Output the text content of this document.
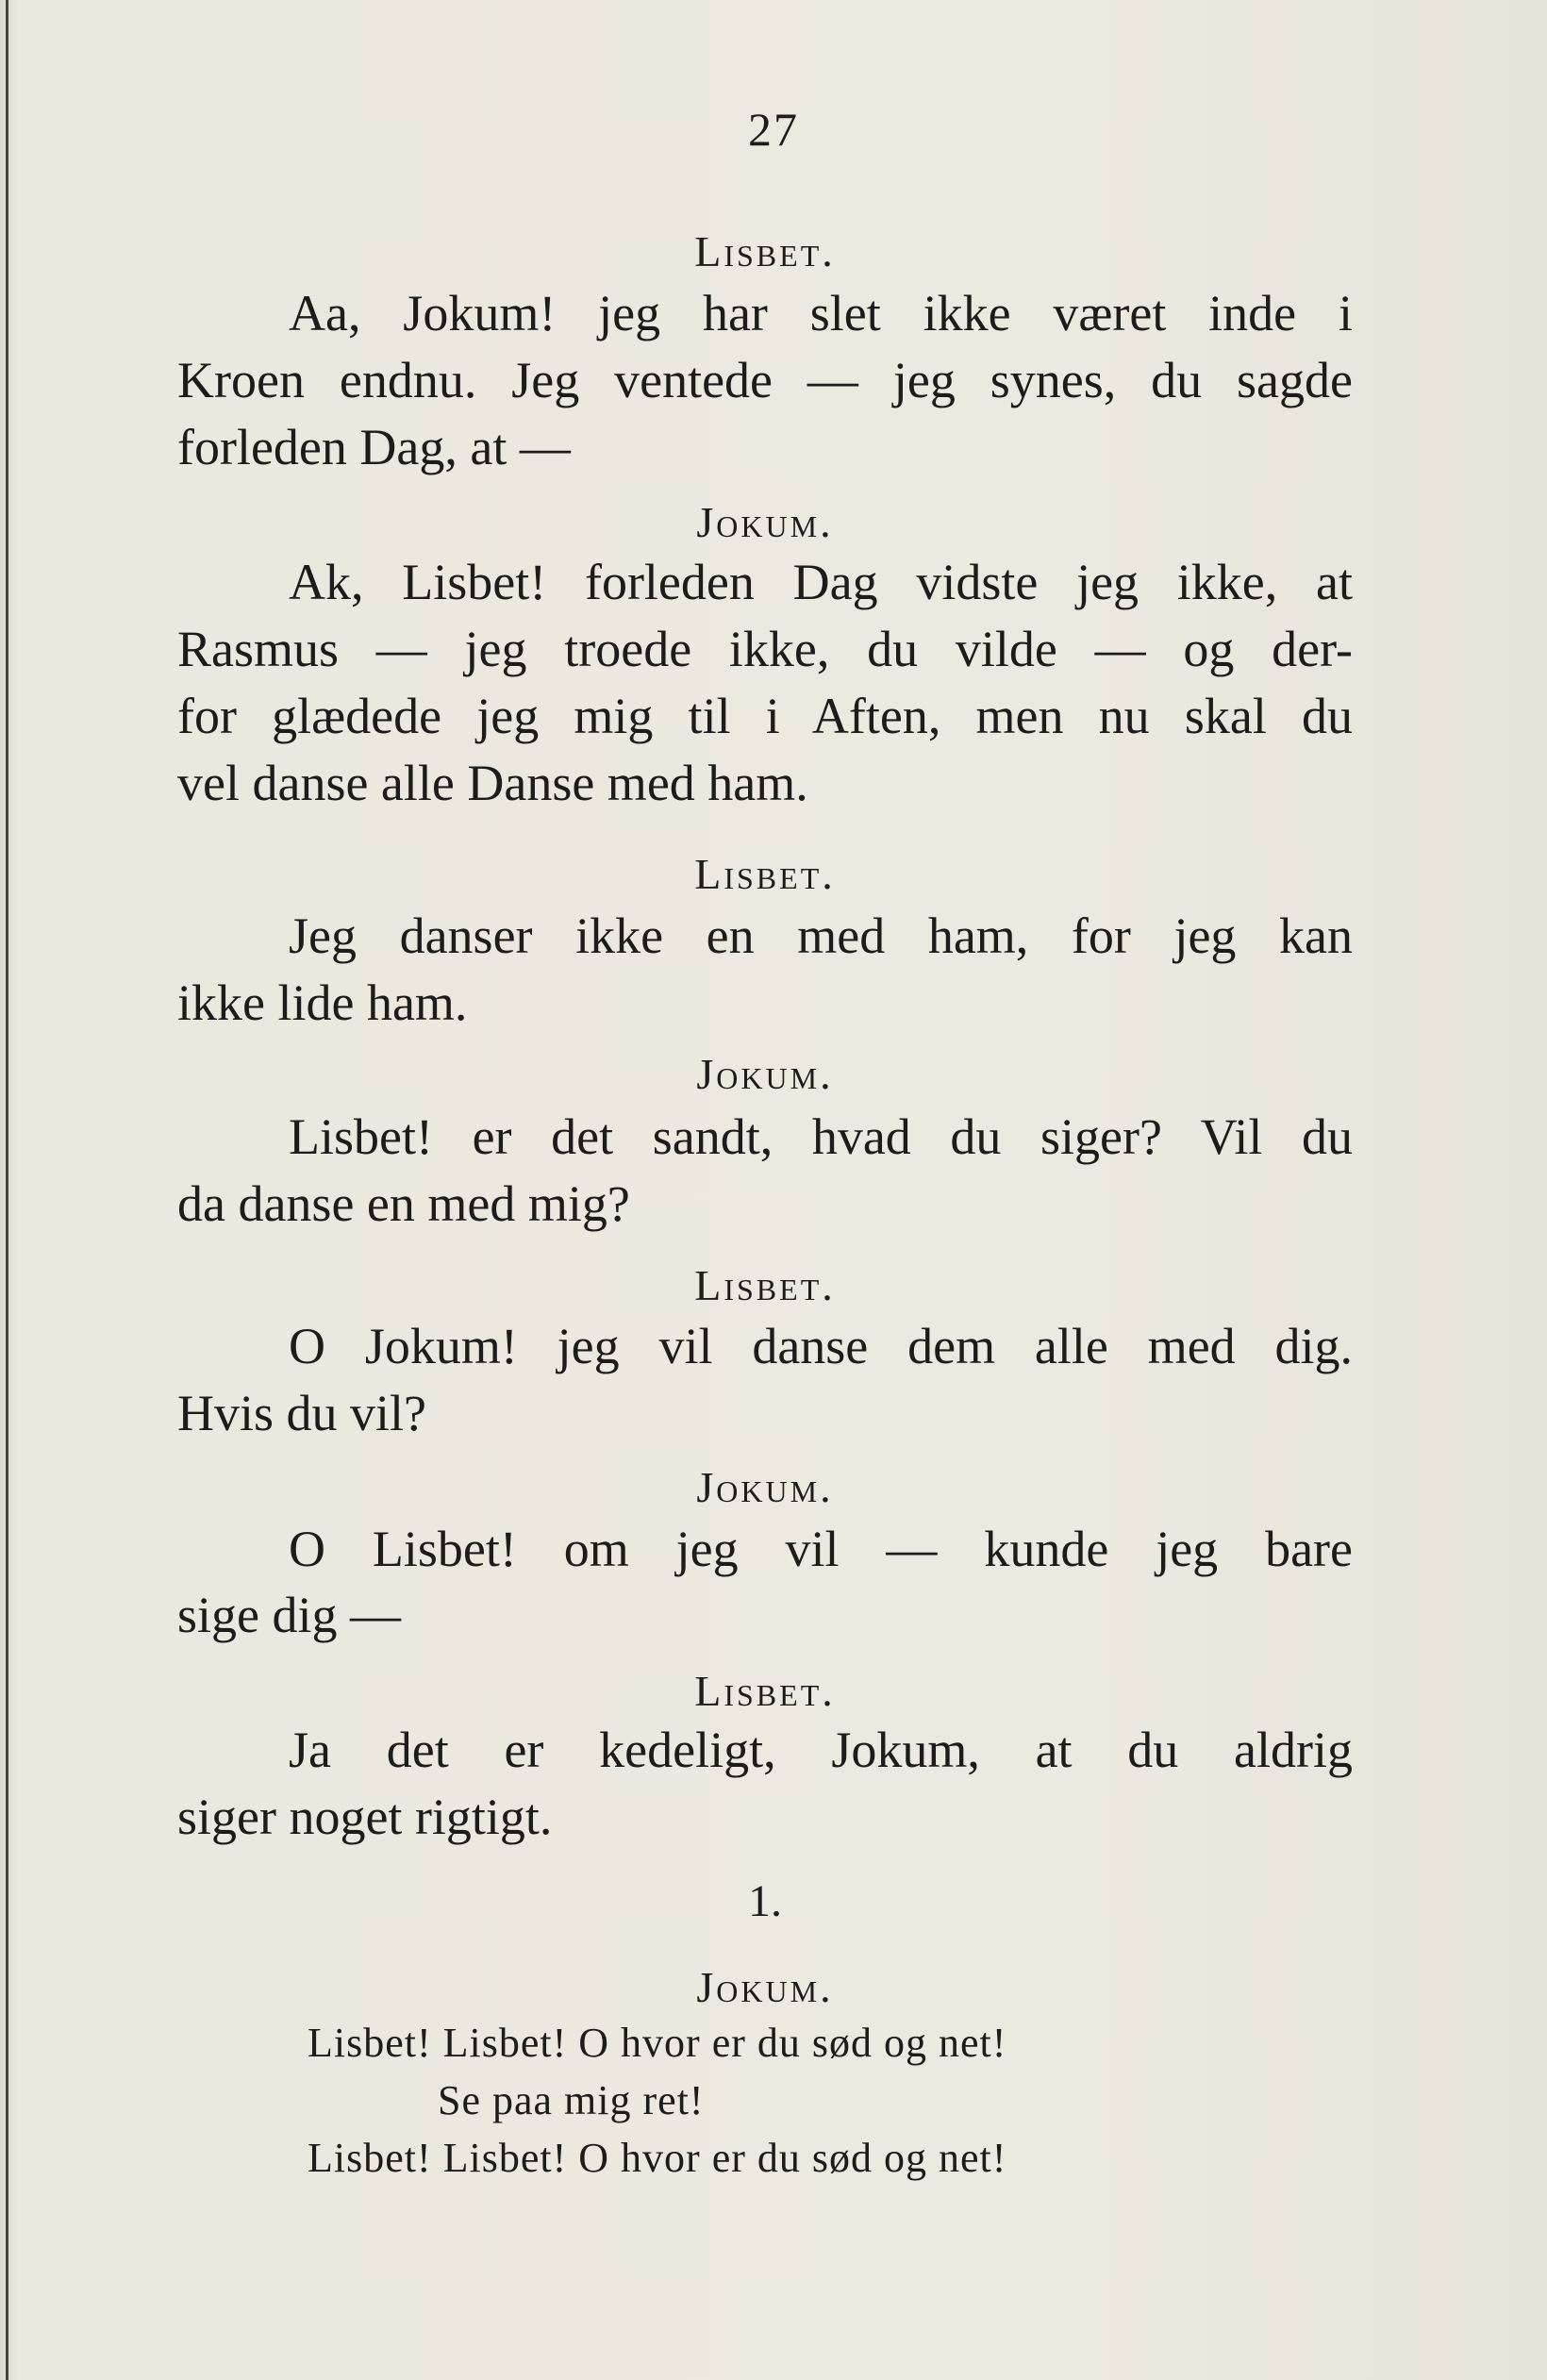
27
Lisbet.
Aa, Jokum! jeg har slet ikke været inde i
Kroen endnu. Jeg ventede — jeg synes, du sagde
forleden Dag, at —
Jokum.
Ak, Lisbet! forleden Dag vidste jeg ikke, at
Rasmus — jeg troede ikke, du vilde — og der-
for glædede jeg mig til i Aften, men nu skal du
vel danse alle Danse med ham.
Lisbet.
Jeg danser ikke en med ham, for jeg kan
ikke lide ham.
Jokum.
Lisbet! er det sandt, hvad du siger? Vil du
da danse en med mig?
Lisbet.
O Jokum! jeg vil danse dem alle med dig.
Hvis du vil?
Jokum.
O Lisbet! om jeg vil — kunde jeg bare
sige dig —
Lisbet.
Ja det er kedeligt, Jokum, at du aldrig
siger noget rigtigt.
1.
Jokum.
Lisbet! Lisbet! O hvor er du sød og net!
Se paa mig ret!
Lisbet! Lisbet! O hvor er du sød og net!
